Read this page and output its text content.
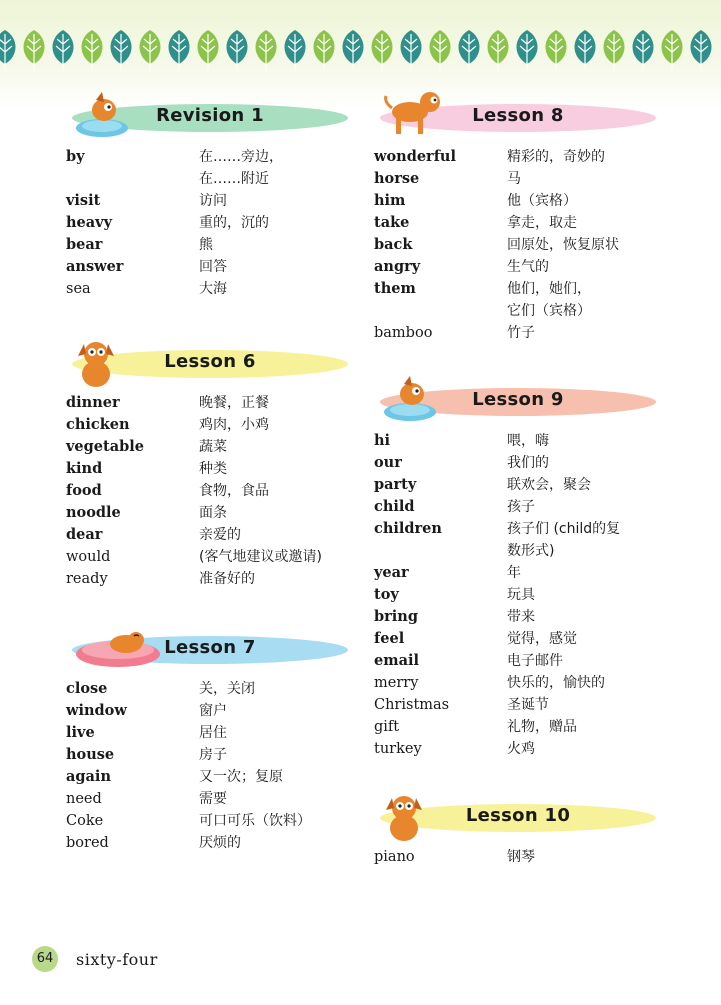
Revision 1
by	在……旁边，
在……附近
visit	访问
heavy	重的，沉的
bear	熊
answer	回答
sea	大海
Lesson 6
dinner	晚餐，正餐
chicken	鸡肉，小鸡
vegetable	蔬菜
kind	种类
food	食物，食品
noodle	面条
dear	亲爱的
would	(客气地建议或邀请)
ready	准备好的
Lesson 7
close	关，关闭
window	窗户
live	居住
house	房子
again	又一次；复原
need	需要
Coke	可口可乐（饮料）
bored	厌烦的
Lesson 8
wonderful	精彩的，奇妙的
horse	马
him	他（宾格）
take	拿走，取走
back	回原处，恢复原状
angry	生气的
them	他们，她们，
它们（宾格）
bamboo	竹子
Lesson 9
hi	喂，嗨
our	我们的
party	联欢会，聚会
child	孩子
children	孩子们 (child的复
数形式)
year	年
toy	玩具
bring	带来
feel	觉得，感觉
email	电子邮件
merry	快乐的，愉快的
Christmas	圣诞节
gift	礼物，赠品
turkey	火鸡
Lesson 10
piano	钢琴
64 sixty-four
